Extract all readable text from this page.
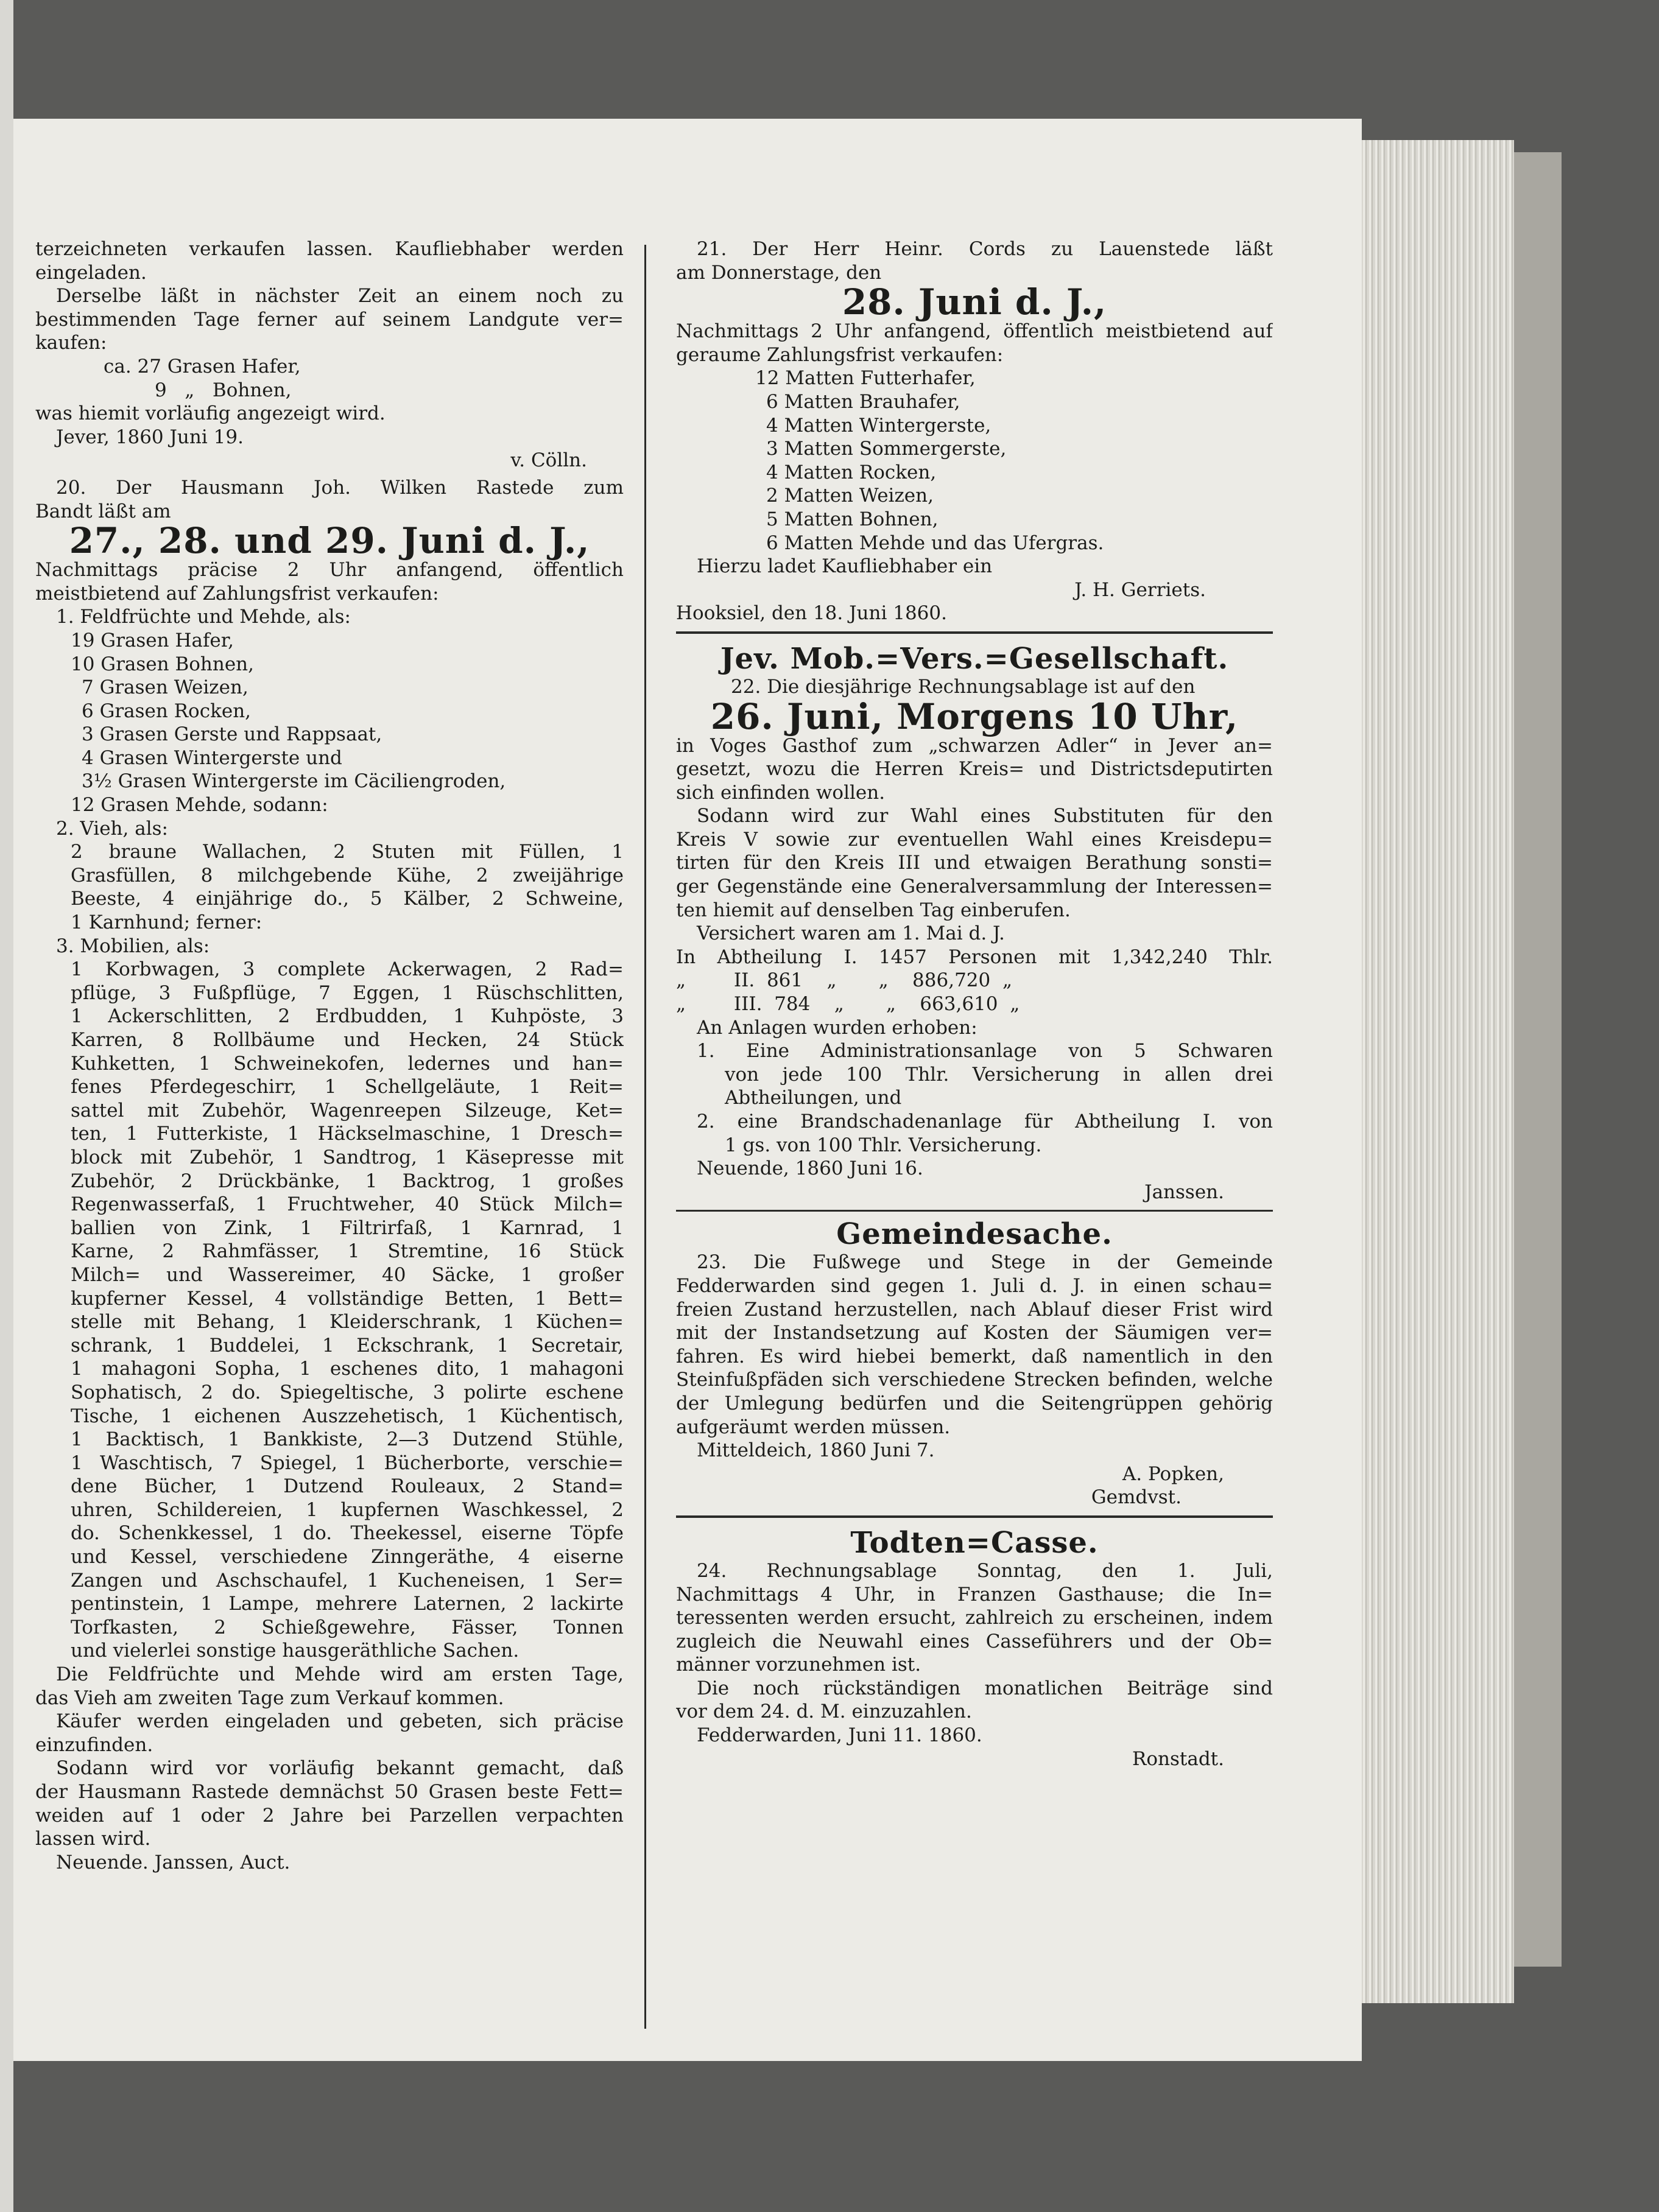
terzeichneten verkaufen lassen. Kaufliebhaber werden
eingeladen.
Derselbe läßt in nächster Zeit an einem noch zu
bestimmenden Tage ferner auf seinem Landgute ver=
kaufen:
ca. 27 Grasen Hafer,
9   „   Bohnen,
was hiemit vorläufig angezeigt wird.
Jever, 1860 Juni 19.
v. Cölln.
20. Der Hausmann Joh. Wilken Rastede zum
Bandt läßt am
27., 28. und 29. Juni d. J.,
Nachmittags präcise 2 Uhr anfangend, öffentlich
meistbietend auf Zahlungsfrist verkaufen:
1. Feldfrüchte und Mehde, als:
19 Grasen Hafer,
10 Grasen Bohnen,
7 Grasen Weizen,
6 Grasen Rocken,
3 Grasen Gerste und Rappsaat,
4 Grasen Wintergerste und
3½ Grasen Wintergerste im Cäciliengroden,
12 Grasen Mehde, sodann:
2. Vieh, als:
2 braune Wallachen, 2 Stuten mit Füllen, 1
Grasfüllen, 8 milchgebende Kühe, 2 zweijährige
Beeste, 4 einjährige do., 5 Kälber, 2 Schweine,
1 Karnhund; ferner:
3. Mobilien, als:
1 Korbwagen, 3 complete Ackerwagen, 2 Rad=
pflüge, 3 Fußpflüge, 7 Eggen, 1 Rüschschlitten,
1 Ackerschlitten, 2 Erdbudden, 1 Kuhpöste, 3
Karren, 8 Rollbäume und Hecken, 24 Stück
Kuhketten, 1 Schweinekofen, ledernes und han=
fenes Pferdegeschirr, 1 Schellgeläute, 1 Reit=
sattel mit Zubehör, Wagenreepen Silzeuge, Ket=
ten, 1 Futterkiste, 1 Häckselmaschine, 1 Dresch=
block mit Zubehör, 1 Sandtrog, 1 Käsepresse mit
Zubehör, 2 Drückbänke, 1 Backtrog, 1 großes
Regenwasserfaß, 1 Fruchtweher, 40 Stück Milch=
ballien von Zink, 1 Filtrirfaß, 1 Karnrad, 1
Karne, 2 Rahmfässer, 1 Stremtine, 16 Stück
Milch= und Wassereimer, 40 Säcke, 1 großer
kupferner Kessel, 4 vollständige Betten, 1 Bett=
stelle mit Behang, 1 Kleiderschrank, 1 Küchen=
schrank, 1 Buddelei, 1 Eckschrank, 1 Secretair,
1 mahagoni Sopha, 1 eschenes dito, 1 mahagoni
Sophatisch, 2 do. Spiegeltische, 3 polirte eschene
Tische, 1 eichenen Auszzehetisch, 1 Küchentisch,
1 Backtisch, 1 Bankkiste, 2—3 Dutzend Stühle,
1 Waschtisch, 7 Spiegel, 1 Bücherborte, verschie=
dene Bücher, 1 Dutzend Rouleaux, 2 Stand=
uhren, Schildereien, 1 kupfernen Waschkessel, 2
do. Schenkkessel, 1 do. Theekessel, eiserne Töpfe
und Kessel, verschiedene Zinngeräthe, 4 eiserne
Zangen und Aschschaufel, 1 Kucheneisen, 1 Ser=
pentinstein, 1 Lampe, mehrere Laternen, 2 lackirte
Torfkasten, 2 Schießgewehre, Fässer, Tonnen
und vielerlei sonstige hausgeräthliche Sachen.
Die Feldfrüchte und Mehde wird am ersten Tage,
das Vieh am zweiten Tage zum Verkauf kommen.
Käufer werden eingeladen und gebeten, sich präcise
einzufinden.
Sodann wird vor vorläufig bekannt gemacht, daß
der Hausmann Rastede demnächst 50 Grasen beste Fett=
weiden auf 1 oder 2 Jahre bei Parzellen verpachten
lassen wird.
Neuende. Janssen, Auct.
21. Der Herr Heinr. Cords zu Lauenstede läßt
am Donnerstage, den
28. Juni d. J.,
Nachmittags 2 Uhr anfangend, öffentlich meistbietend auf
geraume Zahlungsfrist verkaufen:
12 Matten Futterhafer,
6 Matten Brauhafer,
4 Matten Wintergerste,
3 Matten Sommergerste,
4 Matten Rocken,
2 Matten Weizen,
5 Matten Bohnen,
6 Matten Mehde und das Ufergras.
Hierzu ladet Kaufliebhaber ein
J. H. Gerriets.
Hooksiel, den 18. Juni 1860.
Jev. Mob.=Vers.=Gesellschaft.
22. Die diesjährige Rechnungsablage ist auf den
26. Juni, Morgens 10 Uhr,
in Voges Gasthof zum „schwarzen Adler“ in Jever an=
gesetzt, wozu die Herren Kreis= und Districtsdeputirten
sich einfinden wollen.
Sodann wird zur Wahl eines Substituten für den
Kreis V sowie zur eventuellen Wahl eines Kreisdepu=
tirten für den Kreis III und etwaigen Berathung sonsti=
ger Gegenstände eine Generalversammlung der Interessen=
ten hiemit auf denselben Tag einberufen.
Versichert waren am 1. Mai d. J.
In Abtheilung I. 1457 Personen mit 1,342,240 Thlr.
„        II.  861    „       „    886,720  „
„        III.  784    „       „    663,610  „
An Anlagen wurden erhoben:
1. Eine Administrationsanlage von 5 Schwaren
von jede 100 Thlr. Versicherung in allen drei
Abtheilungen, und
2. eine Brandschadenanlage für Abtheilung I. von
1 gs. von 100 Thlr. Versicherung.
Neuende, 1860 Juni 16.
Janssen.
Gemeindesache.
23. Die Fußwege und Stege in der Gemeinde
Fedderwarden sind gegen 1. Juli d. J. in einen schau=
freien Zustand herzustellen, nach Ablauf dieser Frist wird
mit der Instandsetzung auf Kosten der Säumigen ver=
fahren. Es wird hiebei bemerkt, daß namentlich in den
Steinfußpfäden sich verschiedene Strecken befinden, welche
der Umlegung bedürfen und die Seitengrüppen gehörig
aufgeräumt werden müssen.
Mitteldeich, 1860 Juni 7.
A. Popken,
Gemdvst.
Todten=Casse.
24. Rechnungsablage Sonntag, den 1. Juli,
Nachmittags 4 Uhr, in Franzen Gasthause; die In=
teressenten werden ersucht, zahlreich zu erscheinen, indem
zugleich die Neuwahl eines Casseführers und der Ob=
männer vorzunehmen ist.
Die noch rückständigen monatlichen Beiträge sind
vor dem 24. d. M. einzuzahlen.
Fedderwarden, Juni 11. 1860.
Ronstadt.
